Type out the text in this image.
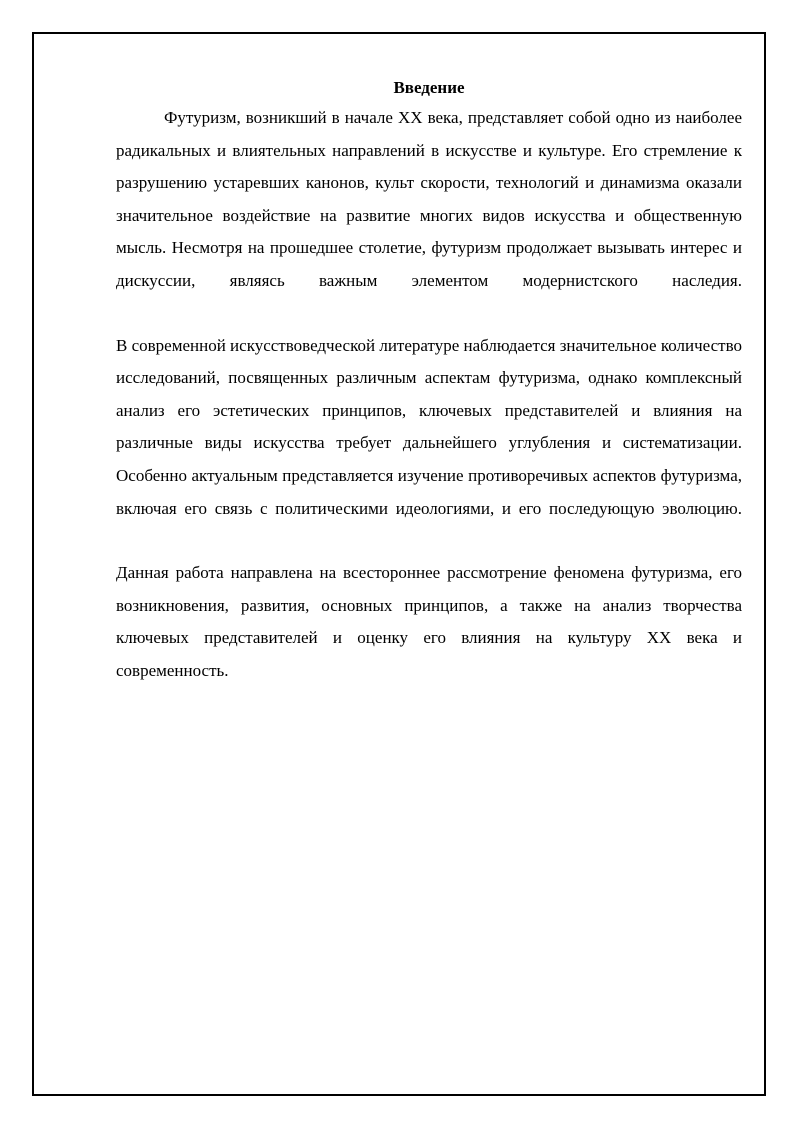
Введение

Футуризм, возникший в начале XX века, представляет собой одно из наиболее радикальных и влиятельных направлений в искусстве и культуре. Его стремление к разрушению устаревших канонов, культ скорости, технологий и динамизма оказали значительное воздействие на развитие многих видов искусства и общественную мысль. Несмотря на прошедшее столетие, футуризм продолжает вызывать интерес и дискуссии, являясь важным элементом модернистского наследия.

В современной искусствоведческой литературе наблюдается значительное количество исследований, посвященных различным аспектам футуризма, однако комплексный анализ его эстетических принципов, ключевых представителей и влияния на различные виды искусства требует дальнейшего углубления и систематизации. Особенно актуальным представляется изучение противоречивых аспектов футуризма, включая его связь с политическими идеологиями, и его последующую эволюцию.

Данная работа направлена на всестороннее рассмотрение феномена футуризма, его возникновения, развития, основных принципов, а также на анализ творчества ключевых представителей и оценку его влияния на культуру XX века и современность.
